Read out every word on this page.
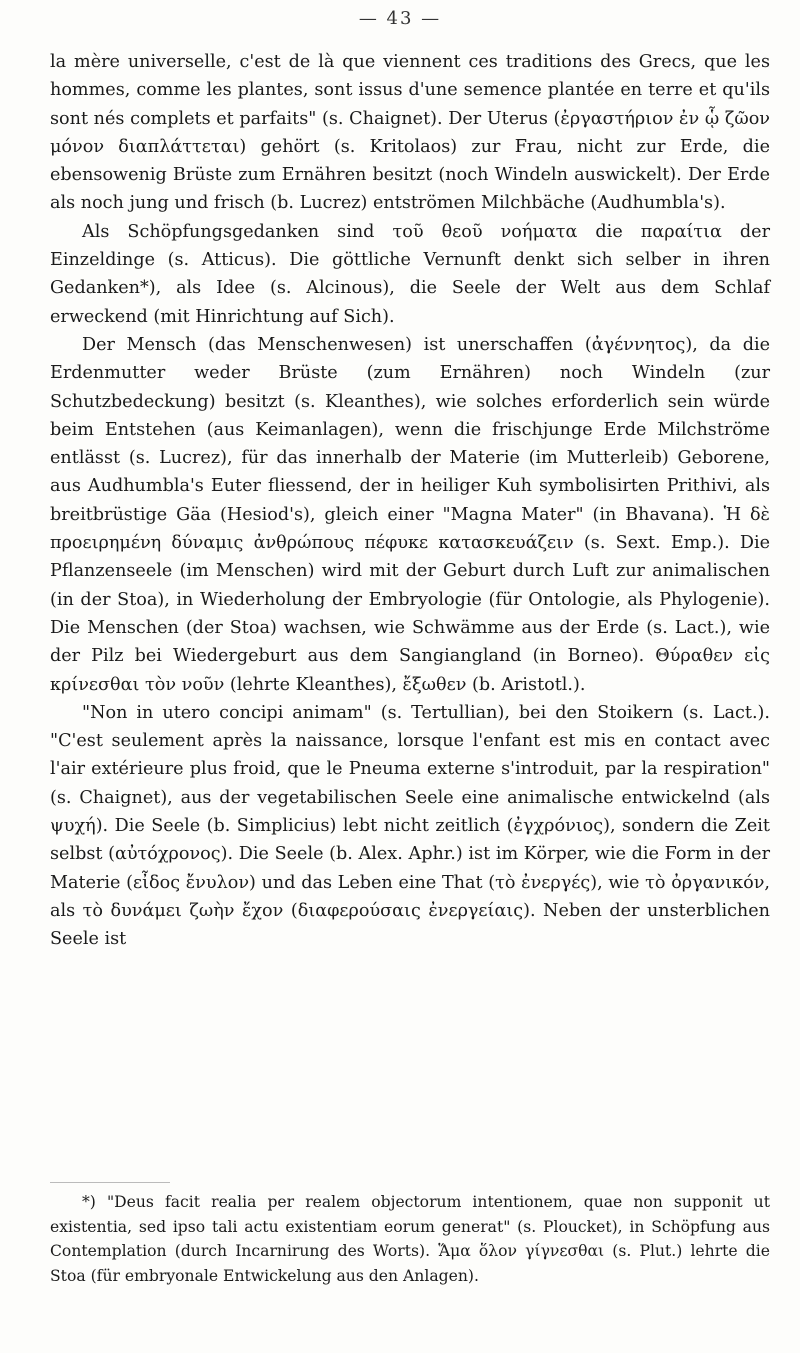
— 43 —

la mère universelle, c'est de là que viennent ces traditions des Grecs, que les hommes, comme les plantes, sont issus d'une semence plantée en terre et qu'ils sont nés complets et parfaits" (s. Chaignet). Der Uterus (ἐργαστήριον ἐν ᾧ ζῶον μόνον διαπλάττεται) gehört (s. Kritolaos) zur Frau, nicht zur Erde, die ebensowenig Brüste zum Ernähren besitzt (noch Windeln auswickelt). Der Erde als noch jung und frisch (b. Lucrez) entströmen Milchbäche (Audhumbla's).

Als Schöpfungsgedanken sind τοῦ θεοῦ νοήματα die παραίτια der Einzeldinge (s. Atticus). Die göttliche Vernunft denkt sich selber in ihren Gedanken*), als Idee (s. Alcinous), die Seele der Welt aus dem Schlaf erweckend (mit Hinrichtung auf Sich).

Der Mensch (das Menschenwesen) ist unerschaffen (ἀγέννητος), da die Erdenmutter weder Brüste (zum Ernähren) noch Windeln (zur Schutzbedeckung) besitzt (s. Kleanthes), wie solches erforderlich sein würde beim Entstehen (aus Keimanlagen), wenn die frischjunge Erde Milchströme entlässt (s. Lucrez), für das innerhalb der Materie (im Mutterleib) Geborene, aus Audhumbla's Euter fliessend, der in heiliger Kuh symbolisirten Prithivi, als breitbrüstige Gäa (Hesiod's), gleich einer "Magna Mater" (in Bhavana). Ἡ δὲ προειρημένη δύναμις ἀνθρώπους πέφυκε κατασκευάζειν (s. Sext. Emp.). Die Pflanzenseele (im Menschen) wird mit der Geburt durch Luft zur animalischen (in der Stoa), in Wiederholung der Embryologie (für Ontologie, als Phylogenie). Die Menschen (der Stoa) wachsen, wie Schwämme aus der Erde (s. Lact.), wie der Pilz bei Wiedergeburt aus dem Sangiangland (in Borneo). Θύραθεν εἰς κρίνεσθαι τὸν νοῦν (lehrte Kleanthes), ἔξωθεν (b. Aristotl.).

"Non in utero concipi animam" (s. Tertullian), bei den Stoikern (s. Lact.). "C'est seulement après la naissance, lorsque l'enfant est mis en contact avec l'air extérieure plus froid, que le Pneuma externe s'introduit, par la respiration" (s. Chaignet), aus der vegetabilischen Seele eine animalische entwickelnd (als ψυχή). Die Seele (b. Simplicius) lebt nicht zeitlich (ἐγχρόνιος), sondern die Zeit selbst (αὐτόχρονος). Die Seele (b. Alex. Aphr.) ist im Körper, wie die Form in der Materie (εἶδος ἔνυλον) und das Leben eine That (τὸ ἐνεργές), wie τὸ ὀργανικόν, als τὸ δυνάμει ζωὴν ἔχον (διαφερούσαις ἐνεργείαις). Neben der unsterblichen Seele ist

*) "Deus facit realia per realem objectorum intentionem, quae non supponit ut existentia, sed ipso tali actu existentiam eorum generat" (s. Ploucket), in Schöpfung aus Contemplation (durch Incarnirung des Worts). Ἅμα ὅλον γίγνεσθαι (s. Plut.) lehrte die Stoa (für embryonale Entwickelung aus den Anlagen).
